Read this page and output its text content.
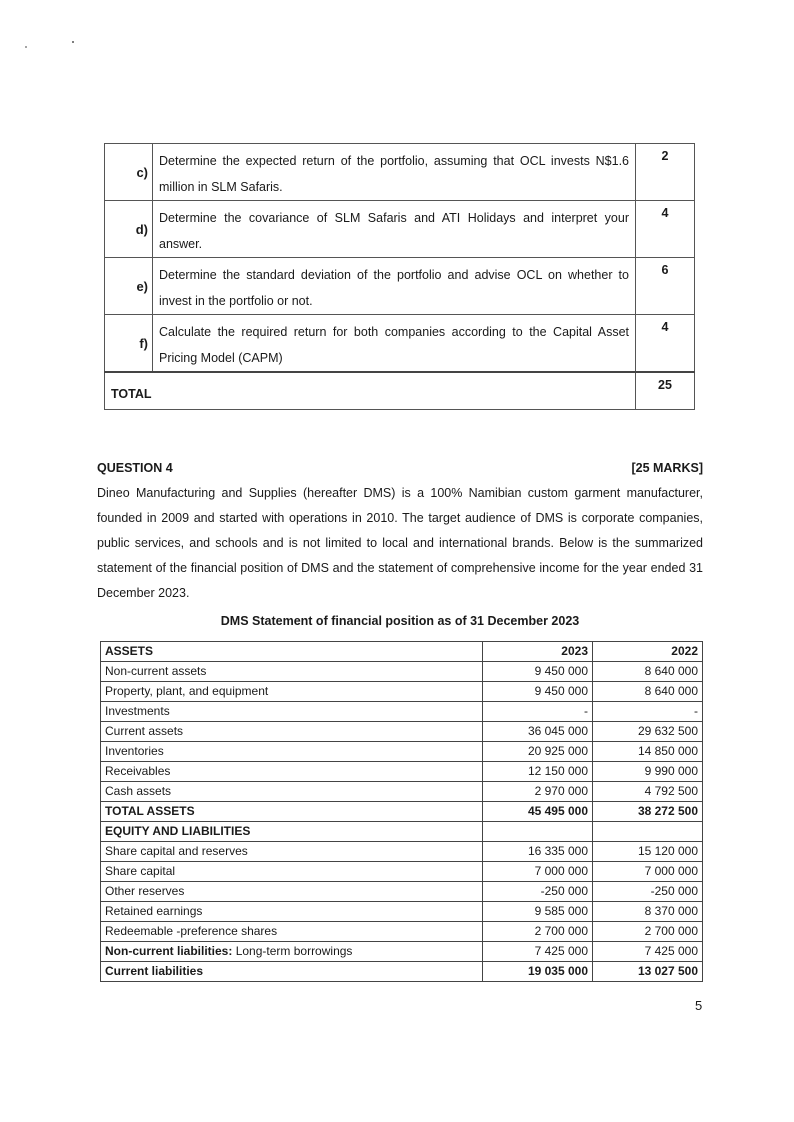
c)	Determine the expected return of the portfolio, assuming that OCL invests N$1.6 million in SLM Safaris.	2
d)	Determine the covariance of SLM Safaris and ATI Holidays and interpret your answer.	4
e)	Determine the standard deviation of the portfolio and advise OCL on whether to invest in the portfolio or not.	6
f)	Calculate the required return for both companies according to the Capital Asset Pricing Model (CAPM)	4
TOTAL		25
QUESTION 4	[25 MARKS]
Dineo Manufacturing and Supplies (hereafter DMS) is a 100% Namibian custom garment manufacturer, founded in 2009 and started with operations in 2010. The target audience of DMS is corporate companies, public services, and schools and is not limited to local and international brands. Below is the summarized statement of the financial position of DMS and the statement of comprehensive income for the year ended 31 December 2023.
DMS Statement of financial position as of 31 December 2023
ASSETS	2023	2022
Non-current assets	9 450 000	8 640 000
Property, plant, and equipment	9 450 000	8 640 000
Investments	-	-
Current assets	36 045 000	29 632 500
Inventories	20 925 000	14 850 000
Receivables	12 150 000	9 990 000
Cash assets	2 970 000	4 792 500
TOTAL ASSETS	45 495 000	38 272 500
EQUITY AND LIABILITIES		
Share capital and reserves	16 335 000	15 120 000
Share capital	7 000 000	7 000 000
Other reserves	-250 000	-250 000
Retained earnings	9 585 000	8 370 000
Redeemable -preference shares	2 700 000	2 700 000
Non-current liabilities: Long-term borrowings	7 425 000	7 425 000
Current liabilities	19 035 000	13 027 500
5
